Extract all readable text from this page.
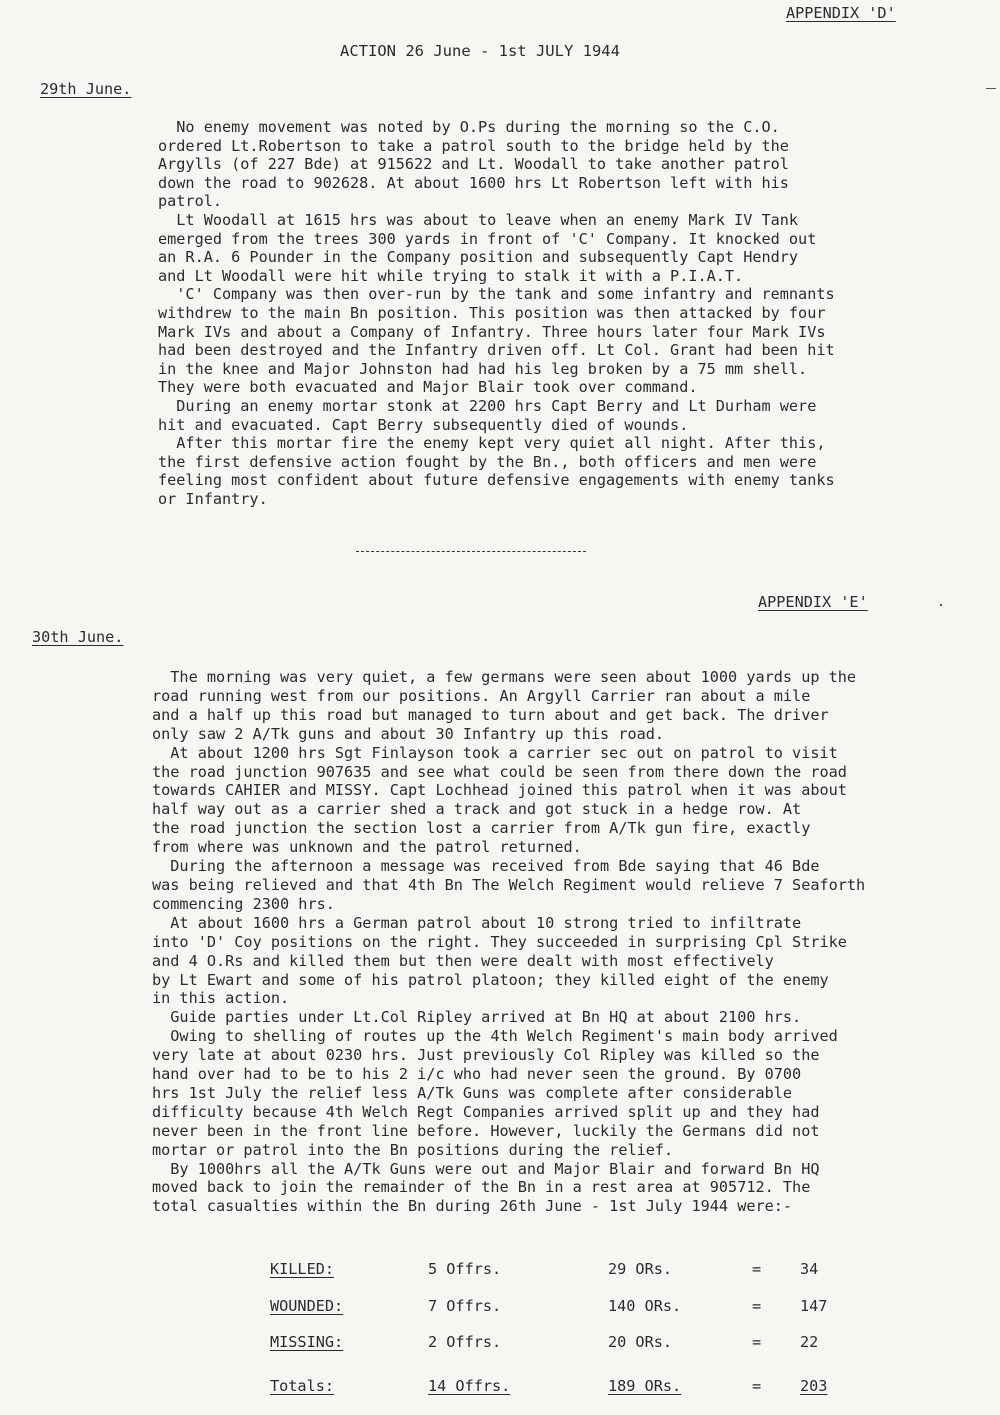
APPENDIX 'D'
ACTION 26 June - 1st JULY 1944
29th June.

No enemy movement was noted by O.Ps during the morning so the C.O.

ordered Lt.Robertson to take a patrol south to the bridge held by the

Argylls (of 227 Bde) at 915622 and Lt. Woodall to take another patrol

down the road to 902628. At about 1600 hrs Lt Robertson left with his

patrol.

Lt Woodall at 1615 hrs was about to leave when an enemy Mark IV Tank

emerged from the trees 300 yards in front of 'C' Company. It knocked out

an R.A. 6 Pounder in the Company position and subsequently Capt Hendry

and Lt Woodall were hit while trying to stalk it with a P.I.A.T.

'C' Company was then over-run by the tank and some infantry and remnants

withdrew to the main Bn position. This position was then attacked by four

Mark IVs and about a Company of Infantry. Three hours later four Mark IVs

had been destroyed and the Infantry driven off. Lt Col. Grant had been hit

in the knee and Major Johnston had had his leg broken by a 75 mm shell.

They were both evacuated and Major Blair took over command.

During an enemy mortar stonk at 2200 hrs Capt Berry and Lt Durham were

hit and evacuated. Capt Berry subsequently died of wounds.

After this mortar fire the enemy kept very quiet all night. After this,

the first defensive action fought by the Bn., both officers and men were

feeling most confident about future defensive engagements with enemy tanks

or Infantry.

APPENDIX 'E'
30th June.

The morning was very quiet, a few germans were seen about 1000 yards up the

road running west from our positions. An Argyll Carrier ran about a mile

and a half up this road but managed to turn about and get back. The driver

only saw 2 A/Tk guns and about 30 Infantry up this road.

At about 1200 hrs Sgt Finlayson took a carrier sec out on patrol to visit

the road junction 907635 and see what could be seen from there down the road

towards CAHIER and MISSY. Capt Lochhead joined this patrol when it was about

half way out as a carrier shed a track and got stuck in a hedge row. At

the road junction the section lost a carrier from A/Tk gun fire, exactly

from where was unknown and the patrol returned.

During the afternoon a message was received from Bde saying that 46 Bde

was being relieved and that 4th Bn The Welch Regiment would relieve 7 Seaforth

commencing 2300 hrs.

At about 1600 hrs a German patrol about 10 strong tried to infiltrate

into 'D' Coy positions on the right. They succeeded in surprising Cpl Strike

and 4 O.Rs and killed them but then were dealt with most effectively

by Lt Ewart and some of his patrol platoon; they killed eight of the enemy

in this action.

Guide parties under Lt.Col Ripley arrived at Bn HQ at about 2100 hrs.

Owing to shelling of routes up the 4th Welch Regiment's main body arrived

very late at about 0230 hrs. Just previously Col Ripley was killed so the

hand over had to be to his 2 i/c who had never seen the ground. By 0700

hrs 1st July the relief less A/Tk Guns was complete after considerable

difficulty because 4th Welch Regt Companies arrived split up and they had

never been in the front line before. However, luckily the Germans did not

mortar or patrol into the Bn positions during the relief.

By 1000hrs all the A/Tk Guns were out and Major Blair and forward Bn HQ

moved back to join the remainder of the Bn in a rest area at 905712. The

total casualties within the Bn during 26th June - 1st July 1944 were:-

KILLED:	5 Offrs.	29 ORs.	=	34
WOUNDED:	7 Offrs.	140 ORs.	=	147
MISSING:	2 Offrs.	20 ORs.	=	22
Totals:	14 Offrs.	189 ORs.	=	203
